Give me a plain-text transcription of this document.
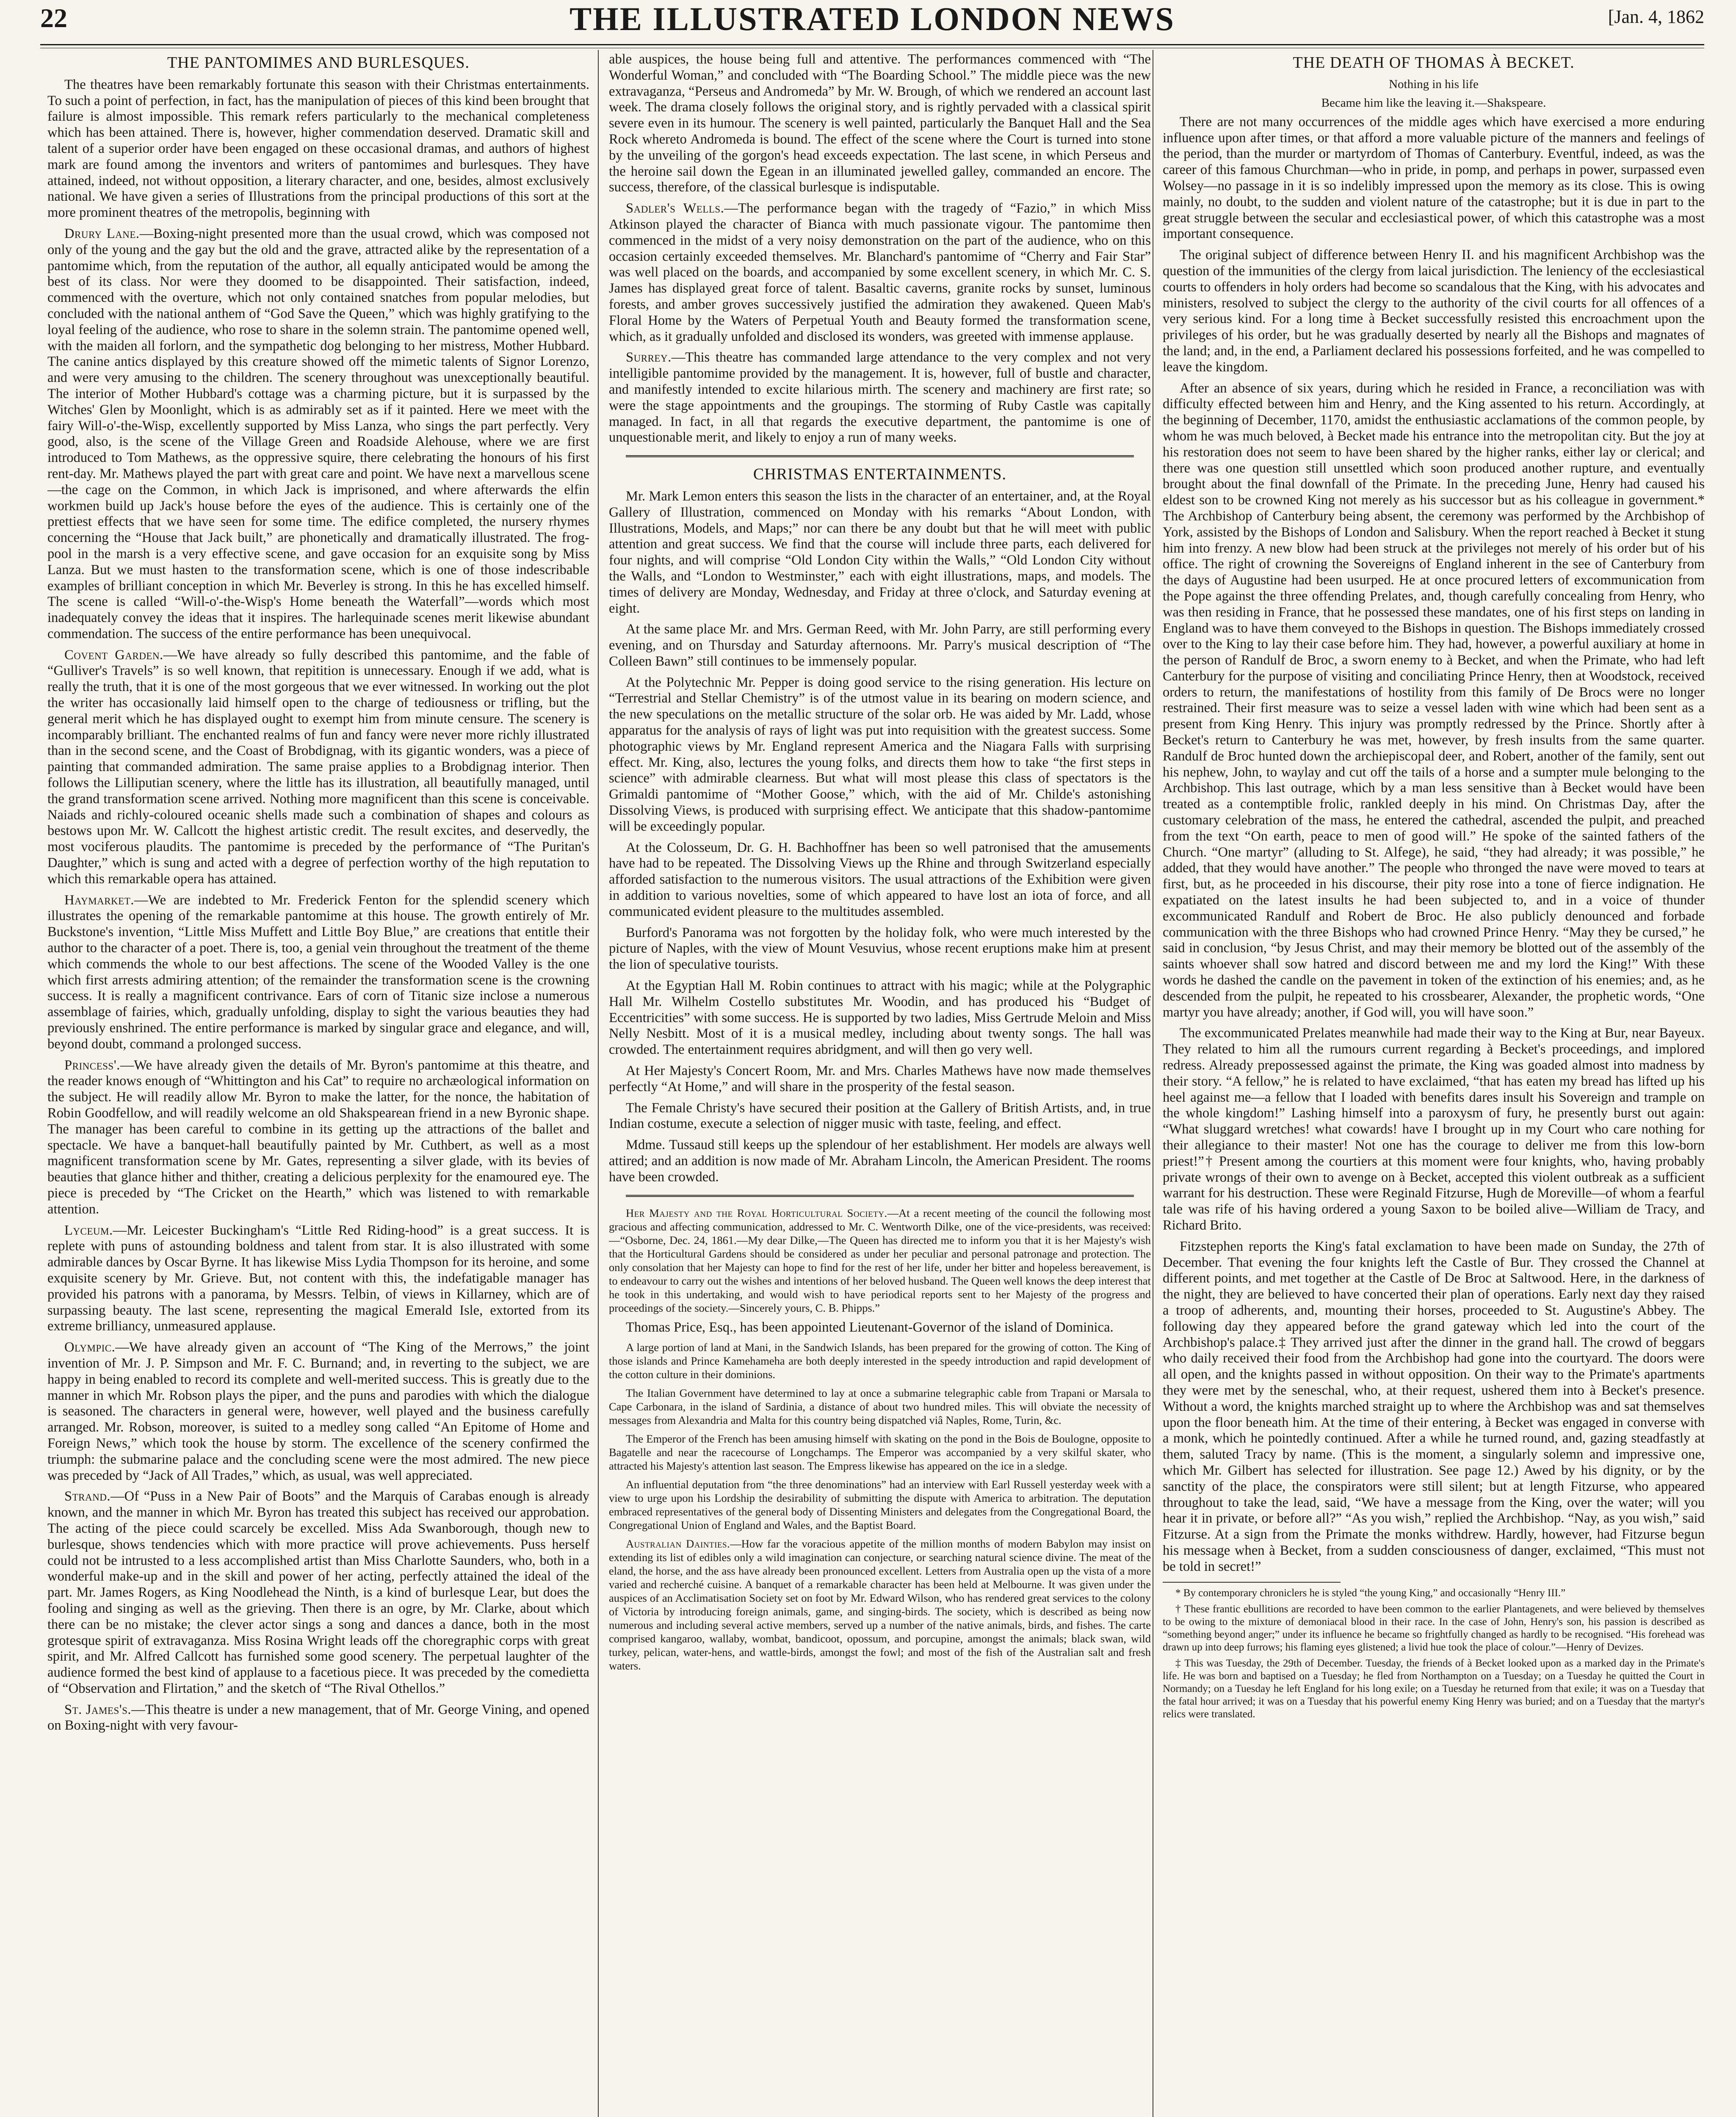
22	THE ILLUSTRATED LONDON NEWS	[Jan. 4, 1862
THE PANTOMIMES AND BURLESQUES.

The theatres have been remarkably fortunate this season with their Christmas entertainments. To such a point of perfection, in fact, has the manipulation of pieces of this kind been brought that failure is almost impossible. This remark refers particularly to the mechanical completeness which has been attained. There is, however, higher commendation deserved. Dramatic skill and talent of a superior order have been engaged on these occasional dramas, and authors of highest mark are found among the inventors and writers of pantomimes and burlesques. They have attained, indeed, not without opposition, a literary character, and one, besides, almost exclusively national. We have given a series of Illustrations from the principal productions of this sort at the more prominent theatres of the metropolis, beginning with

Drury Lane.—Boxing-night presented more than the usual crowd, which was composed not only of the young and the gay but the old and the grave, attracted alike by the representation of a pantomime which, from the reputation of the author, all equally anticipated would be among the best of its class. Nor were they doomed to be disappointed. Their satisfaction, indeed, commenced with the overture, which not only contained snatches from popular melodies, but concluded with the national anthem of “God Save the Queen,” which was highly gratifying to the loyal feeling of the audience, who rose to share in the solemn strain. The pantomime opened well, with the maiden all forlorn, and the sympathetic dog belonging to her mistress, Mother Hubbard. The canine antics displayed by this creature showed off the mimetic talents of Signor Lorenzo, and were very amusing to the children. The scenery throughout was unexceptionally beautiful. The interior of Mother Hubbard's cottage was a charming picture, but it is surpassed by the Witches' Glen by Moonlight, which is as admirably set as if it painted. Here we meet with the fairy Will-o'-the-Wisp, excellently supported by Miss Lanza, who sings the part perfectly. Very good, also, is the scene of the Village Green and Roadside Alehouse, where we are first introduced to Tom Mathews, as the oppressive squire, there celebrating the honours of his first rent-day. Mr. Mathews played the part with great care and point. We have next a marvellous scene—the cage on the Common, in which Jack is imprisoned, and where afterwards the elfin workmen build up Jack's house before the eyes of the audience. This is certainly one of the prettiest effects that we have seen for some time. The edifice completed, the nursery rhymes concerning the “House that Jack built,” are phonetically and dramatically illustrated. The frog-pool in the marsh is a very effective scene, and gave occasion for an exquisite song by Miss Lanza. But we must hasten to the transformation scene, which is one of those indescribable examples of brilliant conception in which Mr. Beverley is strong. In this he has excelled himself. The scene is called “Will-o'-the-Wisp's Home beneath the Waterfall”—words which most inadequately convey the ideas that it inspires. The harlequinade scenes merit likewise abundant commendation. The success of the entire performance has been unequivocal.

Covent Garden.—We have already so fully described this pantomime, and the fable of “Gulliver's Travels” is so well known, that repitition is unnecessary. Enough if we add, what is really the truth, that it is one of the most gorgeous that we ever witnessed. In working out the plot the writer has occasionally laid himself open to the charge of tediousness or trifling, but the general merit which he has displayed ought to exempt him from minute censure. The scenery is incomparably brilliant. The enchanted realms of fun and fancy were never more richly illustrated than in the second scene, and the Coast of Brobdignag, with its gigantic wonders, was a piece of painting that commanded admiration. The same praise applies to a Brobdignag interior. Then follows the Lilliputian scenery, where the little has its illustration, all beautifully managed, until the grand transformation scene arrived. Nothing more magnificent than this scene is conceivable. Naiads and richly-coloured oceanic shells made such a combination of shapes and colours as bestows upon Mr. W. Callcott the highest artistic credit. The result excites, and deservedly, the most vociferous plaudits. The pantomime is preceded by the performance of “The Puritan's Daughter,” which is sung and acted with a degree of perfection worthy of the high reputation to which this remarkable opera has attained.

Haymarket.—We are indebted to Mr. Frederick Fenton for the splendid scenery which illustrates the opening of the remarkable pantomime at this house. The growth entirely of Mr. Buckstone's invention, “Little Miss Muffett and Little Boy Blue,” are creations that entitle their author to the character of a poet. There is, too, a genial vein throughout the treatment of the theme which commends the whole to our best affections. The scene of the Wooded Valley is the one which first arrests admiring attention; of the remainder the transformation scene is the crowning success. It is really a magnificent contrivance. Ears of corn of Titanic size inclose a numerous assemblage of fairies, which, gradually unfolding, display to sight the various beauties they had previously enshrined. The entire performance is marked by singular grace and elegance, and will, beyond doubt, command a prolonged success.

Princess'.—We have already given the details of Mr. Byron's pantomime at this theatre, and the reader knows enough of “Whittington and his Cat” to require no archæological information on the subject. He will readily allow Mr. Byron to make the latter, for the nonce, the habitation of Robin Goodfellow, and will readily welcome an old Shakspearean friend in a new Byronic shape. The manager has been careful to combine in its getting up the attractions of the ballet and spectacle. We have a banquet-hall beautifully painted by Mr. Cuthbert, as well as a most magnificent transformation scene by Mr. Gates, representing a silver glade, with its bevies of beauties that glance hither and thither, creating a delicious perplexity for the enamoured eye. The piece is preceded by “The Cricket on the Hearth,” which was listened to with remarkable attention.

Lyceum.—Mr. Leicester Buckingham's “Little Red Riding-hood” is a great success. It is replete with puns of astounding boldness and talent from star. It is also illustrated with some admirable dances by Oscar Byrne. It has likewise Miss Lydia Thompson for its heroine, and some exquisite scenery by Mr. Grieve. But, not content with this, the indefatigable manager has provided his patrons with a panorama, by Messrs. Telbin, of views in Killarney, which are of surpassing beauty. The last scene, representing the magical Emerald Isle, extorted from its extreme brilliancy, unmeasured applause.

Olympic.—We have already given an account of “The King of the Merrows,” the joint invention of Mr. J. P. Simpson and Mr. F. C. Burnand; and, in reverting to the subject, we are happy in being enabled to record its complete and well-merited success. This is greatly due to the manner in which Mr. Robson plays the piper, and the puns and parodies with which the dialogue is seasoned. The characters in general were, however, well played and the business carefully arranged. Mr. Robson, moreover, is suited to a medley song called “An Epitome of Home and Foreign News,” which took the house by storm. The excellence of the scenery confirmed the triumph: the submarine palace and the concluding scene were the most admired. The new piece was preceded by “Jack of All Trades,” which, as usual, was well appreciated.

Strand.—Of “Puss in a New Pair of Boots” and the Marquis of Carabas enough is already known, and the manner in which Mr. Byron has treated this subject has received our approbation. The acting of the piece could scarcely be excelled. Miss Ada Swanborough, though new to burlesque, shows tendencies which with more practice will prove achievements. Puss herself could not be intrusted to a less accomplished artist than Miss Charlotte Saunders, who, both in a wonderful make-up and in the skill and power of her acting, perfectly attained the ideal of the part. Mr. James Rogers, as King Noodlehead the Ninth, is a kind of burlesque Lear, but does the fooling and singing as well as the grieving. Then there is an ogre, by Mr. Clarke, about which there can be no mistake; the clever actor sings a song and dances a dance, both in the most grotesque spirit of extravaganza. Miss Rosina Wright leads off the choregraphic corps with great spirit, and Mr. Alfred Callcott has furnished some good scenery. The perpetual laughter of the audience formed the best kind of applause to a facetious piece. It was preceded by the comedietta of “Observation and Flirtation,” and the sketch of “The Rival Othellos.”

St. James's.—This theatre is under a new management, that of Mr. George Vining, and opened on Boxing-night with very favour-

able auspices, the house being full and attentive. The performances commenced with “The Wonderful Woman,” and concluded with “The Boarding School.” The middle piece was the new extravaganza, “Perseus and Andromeda” by Mr. W. Brough, of which we rendered an account last week. The drama closely follows the original story, and is rightly pervaded with a classical spirit severe even in its humour. The scenery is well painted, particularly the Banquet Hall and the Sea Rock whereto Andromeda is bound. The effect of the scene where the Court is turned into stone by the unveiling of the gorgon's head exceeds expectation. The last scene, in which Perseus and the heroine sail down the Egean in an illuminated jewelled galley, commanded an encore. The success, therefore, of the classical burlesque is indisputable.

Sadler's Wells.—The performance began with the tragedy of “Fazio,” in which Miss Atkinson played the character of Bianca with much passionate vigour. The pantomime then commenced in the midst of a very noisy demonstration on the part of the audience, who on this occasion certainly exceeded themselves. Mr. Blanchard's pantomime of “Cherry and Fair Star” was well placed on the boards, and accompanied by some excellent scenery, in which Mr. C. S. James has displayed great force of talent. Basaltic caverns, granite rocks by sunset, luminous forests, and amber groves successively justified the admiration they awakened. Queen Mab's Floral Home by the Waters of Perpetual Youth and Beauty formed the transformation scene, which, as it gradually unfolded and disclosed its wonders, was greeted with immense applause.

Surrey.—This theatre has commanded large attendance to the very complex and not very intelligible pantomime provided by the management. It is, however, full of bustle and character, and manifestly intended to excite hilarious mirth. The scenery and machinery are first rate; so were the stage appointments and the groupings. The storming of Ruby Castle was capitally managed. In fact, in all that regards the executive department, the pantomime is one of unquestionable merit, and likely to enjoy a run of many weeks.

CHRISTMAS ENTERTAINMENTS.

Mr. Mark Lemon enters this season the lists in the character of an entertainer, and, at the Royal Gallery of Illustration, commenced on Monday with his remarks “About London, with Illustrations, Models, and Maps;” nor can there be any doubt but that he will meet with public attention and great success. We find that the course will include three parts, each delivered for four nights, and will comprise “Old London City within the Walls,” “Old London City without the Walls, and “London to Westminster,” each with eight illustrations, maps, and models. The times of delivery are Monday, Wednesday, and Friday at three o'clock, and Saturday evening at eight.

At the same place Mr. and Mrs. German Reed, with Mr. John Parry, are still performing every evening, and on Thursday and Saturday afternoons. Mr. Parry's musical description of “The Colleen Bawn” still continues to be immensely popular.

At the Polytechnic Mr. Pepper is doing good service to the rising generation. His lecture on “Terrestrial and Stellar Chemistry” is of the utmost value in its bearing on modern science, and the new speculations on the metallic structure of the solar orb. He was aided by Mr. Ladd, whose apparatus for the analysis of rays of light was put into requisition with the greatest success. Some photographic views by Mr. England represent America and the Niagara Falls with surprising effect. Mr. King, also, lectures the young folks, and directs them how to take “the first steps in science” with admirable clearness. But what will most please this class of spectators is the Grimaldi pantomime of “Mother Goose,” which, with the aid of Mr. Childe's astonishing Dissolving Views, is produced with surprising effect. We anticipate that this shadow-pantomime will be exceedingly popular.

At the Colosseum, Dr. G. H. Bachhoffner has been so well patronised that the amusements have had to be repeated. The Dissolving Views up the Rhine and through Switzerland especially afforded satisfaction to the numerous visitors. The usual attractions of the Exhibition were given in addition to various novelties, some of which appeared to have lost an iota of force, and all communicated evident pleasure to the multitudes assembled.

Burford's Panorama was not forgotten by the holiday folk, who were much interested by the picture of Naples, with the view of Mount Vesuvius, whose recent eruptions make him at present the lion of speculative tourists.

At the Egyptian Hall M. Robin continues to attract with his magic; while at the Polygraphic Hall Mr. Wilhelm Costello substitutes Mr. Woodin, and has produced his “Budget of Eccentricities” with some success. He is supported by two ladies, Miss Gertrude Meloin and Miss Nelly Nesbitt. Most of it is a musical medley, including about twenty songs. The hall was crowded. The entertainment requires abridgment, and will then go very well.

At Her Majesty's Concert Room, Mr. and Mrs. Charles Mathews have now made themselves perfectly “At Home,” and will share in the prosperity of the festal season.

The Female Christy's have secured their position at the Gallery of British Artists, and, in true Indian costume, execute a selection of nigger music with taste, feeling, and effect.

Mdme. Tussaud still keeps up the splendour of her establishment. Her models are always well attired; and an addition is now made of Mr. Abraham Lincoln, the American President. The rooms have been crowded.

Her Majesty and the Royal Horticultural Society.—At a recent meeting of the council the following most gracious and affecting communication, addressed to Mr. C. Wentworth Dilke, one of the vice-presidents, was received:—“Osborne, Dec. 24, 1861.—My dear Dilke,—The Queen has directed me to inform you that it is her Majesty's wish that the Horticultural Gardens should be considered as under her peculiar and personal patronage and protection. The only consolation that her Majesty can hope to find for the rest of her life, under her bitter and hopeless bereavement, is to endeavour to carry out the wishes and intentions of her beloved husband. The Queen well knows the deep interest that he took in this undertaking, and would wish to have periodical reports sent to her Majesty of the progress and proceedings of the society.—Sincerely yours, C. B. Phipps.”

Thomas Price, Esq., has been appointed Lieutenant-Governor of the island of Dominica.

A large portion of land at Mani, in the Sandwich Islands, has been prepared for the growing of cotton. The King of those islands and Prince Kamehameha are both deeply interested in the speedy introduction and rapid development of the cotton culture in their dominions.

The Italian Government have determined to lay at once a submarine telegraphic cable from Trapani or Marsala to Cape Carbonara, in the island of Sardinia, a distance of about two hundred miles. This will obviate the necessity of messages from Alexandria and Malta for this country being dispatched viâ Naples, Rome, Turin, &c.

The Emperor of the French has been amusing himself with skating on the pond in the Bois de Boulogne, opposite to Bagatelle and near the racecourse of Longchamps. The Emperor was accompanied by a very skilful skater, who attracted his Majesty's attention last season. The Empress likewise has appeared on the ice in a sledge.

An influential deputation from “the three denominations” had an interview with Earl Russell yesterday week with a view to urge upon his Lordship the desirability of submitting the dispute with America to arbitration. The deputation embraced representatives of the general body of Dissenting Ministers and delegates from the Congregational Board, the Congregational Union of England and Wales, and the Baptist Board.

Australian Dainties.—How far the voracious appetite of the million months of modern Babylon may insist on extending its list of edibles only a wild imagination can conjecture, or searching natural science divine. The meat of the eland, the horse, and the ass have already been pronounced excellent. Letters from Australia open up the vista of a more varied and recherché cuisine. A banquet of a remarkable character has been held at Melbourne. It was given under the auspices of an Acclimatisation Society set on foot by Mr. Edward Wilson, who has rendered great services to the colony of Victoria by introducing foreign animals, game, and singing-birds. The society, which is described as being now numerous and including several active members, served up a number of the native animals, birds, and fishes. The carte comprised kangaroo, wallaby, wombat, bandicoot, opossum, and porcupine, amongst the animals; black swan, wild turkey, pelican, water-hens, and wattle-birds, amongst the fowl; and most of the fish of the Australian salt and fresh waters.

THE DEATH OF THOMAS À BECKET.
Nothing in his life
Became him like the leaving it.—Shakspeare.

There are not many occurrences of the middle ages which have exercised a more enduring influence upon after times, or that afford a more valuable picture of the manners and feelings of the period, than the murder or martyrdom of Thomas of Canterbury. Eventful, indeed, as was the career of this famous Churchman—who in pride, in pomp, and perhaps in power, surpassed even Wolsey—no passage in it is so indelibly impressed upon the memory as its close. This is owing mainly, no doubt, to the sudden and violent nature of the catastrophe; but it is due in part to the great struggle between the secular and ecclesiastical power, of which this catastrophe was a most important consequence.

The original subject of difference between Henry II. and his magnificent Archbishop was the question of the immunities of the clergy from laical jurisdiction. The leniency of the ecclesiastical courts to offenders in holy orders had become so scandalous that the King, with his advocates and ministers, resolved to subject the clergy to the authority of the civil courts for all offences of a very serious kind. For a long time à Becket successfully resisted this encroachment upon the privileges of his order, but he was gradually deserted by nearly all the Bishops and magnates of the land; and, in the end, a Parliament declared his possessions forfeited, and he was compelled to leave the kingdom.

After an absence of six years, during which he resided in France, a reconciliation was with difficulty effected between him and Henry, and the King assented to his return. Accordingly, at the beginning of December, 1170, amidst the enthusiastic acclamations of the common people, by whom he was much beloved, à Becket made his entrance into the metropolitan city. But the joy at his restoration does not seem to have been shared by the higher ranks, either lay or clerical; and there was one question still unsettled which soon produced another rupture, and eventually brought about the final downfall of the Primate. In the preceding June, Henry had caused his eldest son to be crowned King not merely as his successor but as his colleague in government.* The Archbishop of Canterbury being absent, the ceremony was performed by the Archbishop of York, assisted by the Bishops of London and Salisbury. When the report reached à Becket it stung him into frenzy. A new blow had been struck at the privileges not merely of his order but of his office. The right of crowning the Sovereigns of England inherent in the see of Canterbury from the days of Augustine had been usurped. He at once procured letters of excommunication from the Pope against the three offending Prelates, and, though carefully concealing from Henry, who was then residing in France, that he possessed these mandates, one of his first steps on landing in England was to have them conveyed to the Bishops in question. The Bishops immediately crossed over to the King to lay their case before him. They had, however, a powerful auxiliary at home in the person of Randulf de Broc, a sworn enemy to à Becket, and when the Primate, who had left Canterbury for the purpose of visiting and conciliating Prince Henry, then at Woodstock, received orders to return, the manifestations of hostility from this family of De Brocs were no longer restrained. Their first measure was to seize a vessel laden with wine which had been sent as a present from King Henry. This injury was promptly redressed by the Prince. Shortly after à Becket's return to Canterbury he was met, however, by fresh insults from the same quarter. Randulf de Broc hunted down the archiepiscopal deer, and Robert, another of the family, sent out his nephew, John, to waylay and cut off the tails of a horse and a sumpter mule belonging to the Archbishop. This last outrage, which by a man less sensitive than à Becket would have been treated as a contemptible frolic, rankled deeply in his mind. On Christmas Day, after the customary celebration of the mass, he entered the cathedral, ascended the pulpit, and preached from the text “On earth, peace to men of good will.” He spoke of the sainted fathers of the Church. “One martyr” (alluding to St. Alfege), he said, “they had already; it was possible,” he added, that they would have another.” The people who thronged the nave were moved to tears at first, but, as he proceeded in his discourse, their pity rose into a tone of fierce indignation. He expatiated on the latest insults he had been subjected to, and in a voice of thunder excommunicated Randulf and Robert de Broc. He also publicly denounced and forbade communication with the three Bishops who had crowned Prince Henry. “May they be cursed,” he said in conclusion, “by Jesus Christ, and may their memory be blotted out of the assembly of the saints whoever shall sow hatred and discord between me and my lord the King!” With these words he dashed the candle on the pavement in token of the extinction of his enemies; and, as he descended from the pulpit, he repeated to his crossbearer, Alexander, the prophetic words, “One martyr you have already; another, if God will, you will have soon.”

The excommunicated Prelates meanwhile had made their way to the King at Bur, near Bayeux. They related to him all the rumours current regarding à Becket's proceedings, and implored redress. Already prepossessed against the primate, the King was goaded almost into madness by their story. “A fellow,” he is related to have exclaimed, “that has eaten my bread has lifted up his heel against me—a fellow that I loaded with benefits dares insult his Sovereign and trample on the whole kingdom!” Lashing himself into a paroxysm of fury, he presently burst out again: “What sluggard wretches! what cowards! have I brought up in my Court who care nothing for their allegiance to their master! Not one has the courage to deliver me from this low-born priest!”† Present among the courtiers at this moment were four knights, who, having probably private wrongs of their own to avenge on à Becket, accepted this violent outbreak as a sufficient warrant for his destruction. These were Reginald Fitzurse, Hugh de Moreville—of whom a fearful tale was rife of his having ordered a young Saxon to be boiled alive—William de Tracy, and Richard Brito.

Fitzstephen reports the King's fatal exclamation to have been made on Sunday, the 27th of December. That evening the four knights left the Castle of Bur. They crossed the Channel at different points, and met together at the Castle of De Broc at Saltwood. Here, in the darkness of the night, they are believed to have concerted their plan of operations. Early next day they raised a troop of adherents, and, mounting their horses, proceeded to St. Augustine's Abbey. The following day they appeared before the grand gateway which led into the court of the Archbishop's palace.‡ They arrived just after the dinner in the grand hall. The crowd of beggars who daily received their food from the Archbishop had gone into the courtyard. The doors were all open, and the knights passed in without opposition. On their way to the Primate's apartments they were met by the seneschal, who, at their request, ushered them into à Becket's presence. Without a word, the knights marched straight up to where the Archbishop was and sat themselves upon the floor beneath him. At the time of their entering, à Becket was engaged in converse with a monk, which he pointedly continued. After a while he turned round, and, gazing steadfastly at them, saluted Tracy by name. (This is the moment, a singularly solemn and impressive one, which Mr. Gilbert has selected for illustration. See page 12.) Awed by his dignity, or by the sanctity of the place, the conspirators were still silent; but at length Fitzurse, who appeared throughout to take the lead, said, “We have a message from the King, over the water; will you hear it in private, or before all?” “As you wish,” replied the Archbishop. “Nay, as you wish,” said Fitzurse. At a sign from the Primate the monks withdrew. Hardly, however, had Fitzurse begun his message when à Becket, from a sudden consciousness of danger, exclaimed, “This must not be told in secret!”

* By contemporary chroniclers he is styled “the young King,” and occasionally “Henry III.”

† These frantic ebullitions are recorded to have been common to the earlier Plantagenets, and were believed by themselves to be owing to the mixture of demoniacal blood in their race. In the case of John, Henry's son, his passion is described as “something beyond anger;” under its influence he became so frightfully changed as hardly to be recognised. “His forehead was drawn up into deep furrows; his flaming eyes glistened; a livid hue took the place of colour.”—Henry of Devizes.

‡ This was Tuesday, the 29th of December. Tuesday, the friends of à Becket looked upon as a marked day in the Primate's life. He was born and baptised on a Tuesday; he fled from Northampton on a Tuesday; on a Tuesday he quitted the Court in Normandy; on a Tuesday he left England for his long exile; on a Tuesday he returned from that exile; it was on a Tuesday that the fatal hour arrived; it was on a Tuesday that his powerful enemy King Henry was buried; and on a Tuesday that the martyr's relics were translated.
